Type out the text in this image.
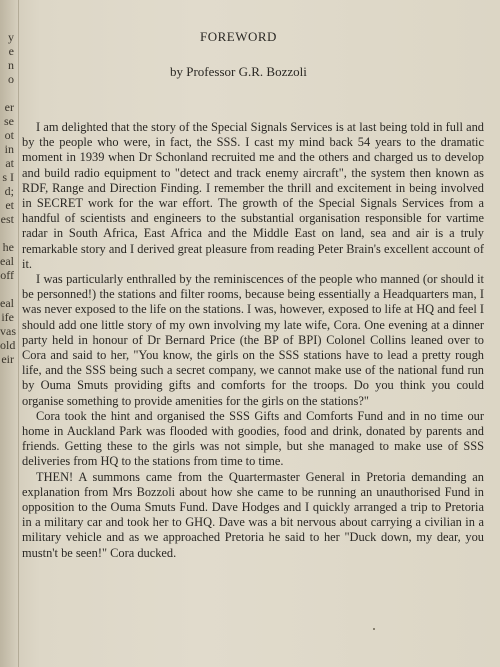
y
e
n
o
er
se
ot
in
at
s I
d;
et
est
he
eal
off
eal
ife
vas
old
eir
FOREWORD
by Professor G.R. Bozzoli

I am delighted that the story of the Special Signals Services is at last being told in full and by the people who were, in fact, the SSS. I cast my mind back 54 years to the dramatic moment in 1939 when Dr Schonland recruited me and the others and charged us to develop and build radio equipment to "detect and track enemy aircraft", the system then known as RDF, Range and Direction Finding. I remember the thrill and excitement in being involved in SECRET work for the war effort. The growth of the Special Signals Services from a handful of scientists and engineers to the substantial organisation responsible for vartime radar in South Africa, East Africa and the Middle East on land, sea and air is a truly remarkable story and I derived great pleasure from reading Peter Brain's excellent account of it.

I was particularly enthralled by the reminiscences of the people who manned (or should it be personned!) the stations and filter rooms, because being essentially a Headquarters man, I was never exposed to the life on the stations. I was, however, exposed to life at HQ and feel I should add one little story of my own involving my late wife, Cora. One evening at a dinner party held in honour of Dr Bernard Price (the BP of BPI) Colonel Collins leaned over to Cora and said to her, "You know, the girls on the SSS stations have to lead a pretty rough life, and the SSS being such a secret company, we cannot make use of the national fund run by Ouma Smuts providing gifts and comforts for the troops. Do you think you could organise something to provide amenities for the girls on the stations?"

Cora took the hint and organised the SSS Gifts and Comforts Fund and in no time our home in Auckland Park was flooded with goodies, food and drink, donated by parents and friends. Getting these to the girls was not simple, but she managed to make use of SSS deliveries from HQ to the stations from time to time.

THEN! A summons came from the Quartermaster General in Pretoria demanding an explanation from Mrs Bozzoli about how she came to be running an unauthorised Fund in opposition to the Ouma Smuts Fund. Dave Hodges and I quickly arranged a trip to Pretoria in a military car and took her to GHQ. Dave was a bit nervous about carrying a civilian in a military vehicle and as we approached Pretoria he said to her "Duck down, my dear, you mustn't be seen!" Cora ducked.
